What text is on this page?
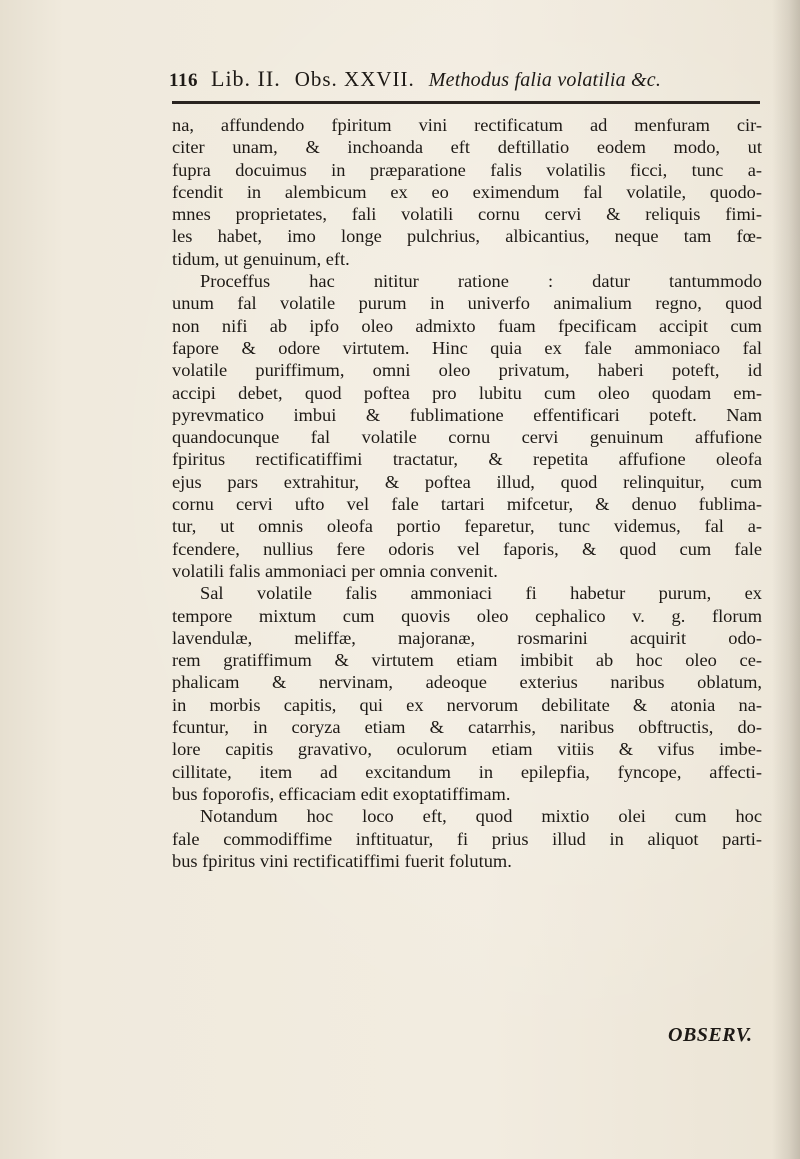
116 Lib. II. Obs. XXVII. Methodus falia volatilia &c.
na, affundendo fpiritum vini rectificatum ad menfuram cir-
citer unam, & inchoanda eft deftillatio eodem modo, ut
fupra docuimus in præparatione falis volatilis ficci, tunc a-
fcendit in alembicum ex eo eximendum fal volatile, quodo-
mnes proprietates, fali volatili cornu cervi & reliquis fimi-
les habet, imo longe pulchrius, albicantius, neque tam fœ-
tidum, ut genuinum, eft.
Proceffus hac nititur ratione : datur tantummodo
unum fal volatile purum in univerfo animalium regno, quod
non nifi ab ipfo oleo admixto fuam fpecificam accipit cum
fapore & odore virtutem. Hinc quia ex fale ammoniaco fal
volatile puriffimum, omni oleo privatum, haberi poteft, id
accipi debet, quod poftea pro lubitu cum oleo quodam em-
pyrevmatico imbui & fublimatione effentificari poteft. Nam
quandocunque fal volatile cornu cervi genuinum affufione
fpiritus rectificatiffimi tractatur, & repetita affufione oleofa
ejus pars extrahitur, & poftea illud, quod relinquitur, cum
cornu cervi ufto vel fale tartari mifcetur, & denuo fublima-
tur, ut omnis oleofa portio feparetur, tunc videmus, fal a-
fcendere, nullius fere odoris vel faporis, & quod cum fale
volatili falis ammoniaci per omnia convenit.
Sal volatile falis ammoniaci fi habetur purum, ex
tempore mixtum cum quovis oleo cephalico v. g. florum
lavendulæ, meliffæ, majoranæ, rosmarini acquirit odo-
rem gratiffimum & virtutem etiam imbibit ab hoc oleo ce-
phalicam & nervinam, adeoque exterius naribus oblatum,
in morbis capitis, qui ex nervorum debilitate & atonia na-
fcuntur, in coryza etiam & catarrhis, naribus obftructis, do-
lore capitis gravativo, oculorum etiam vitiis & vifus imbe-
cillitate, item ad excitandum in epilepfia, fyncope, affecti-
bus foporofis, efficaciam edit exoptatiffimam.
Notandum hoc loco eft, quod mixtio olei cum hoc
fale commodiffime inftituatur, fi prius illud in aliquot parti-
bus fpiritus vini rectificatiffimi fuerit folutum.
OBSERV.
